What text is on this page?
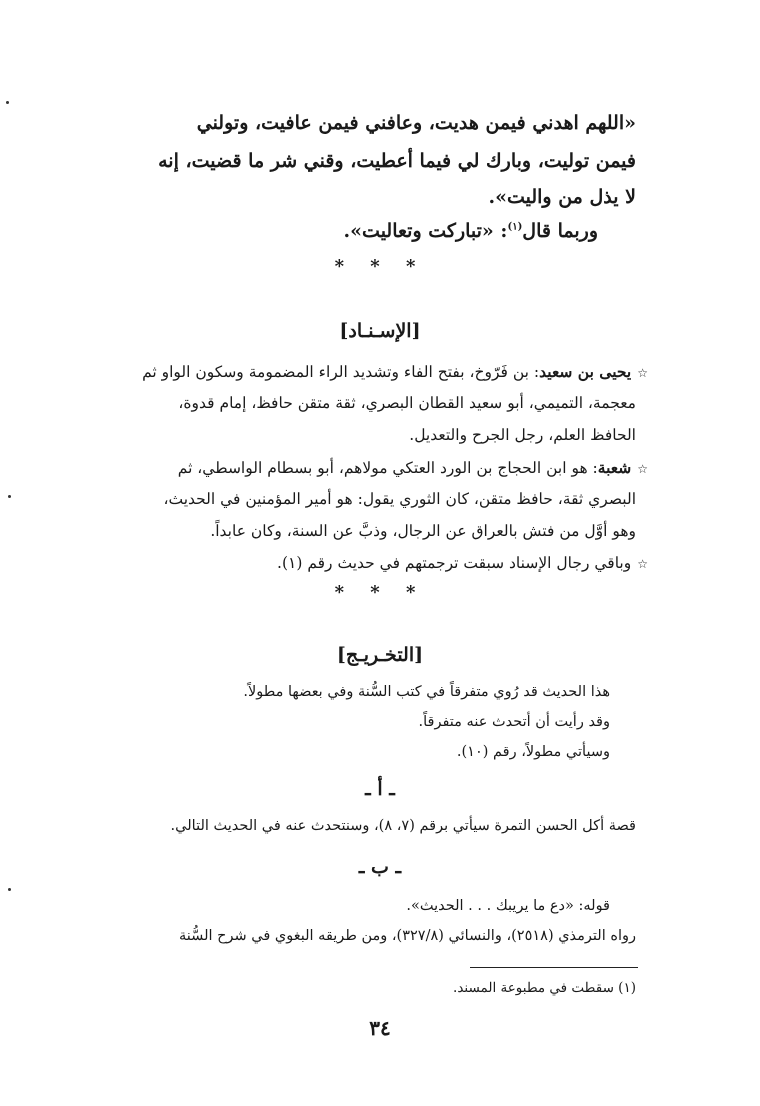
«اللهم اهدني فيمن هديت، وعافني فيمن عافيت، وتولني
فيمن توليت، وبارك لي فيما أعطيت، وقني شر ما قضيت، إنه
لا يذل من واليت».
وربما قال$^{(١)}$: «تباركت وتعاليت».
* * *
[الإسـنـاد]
☆يحيى بن سعيد: بن فَرّوخ، بفتح الفاء وتشديد الراء المضمومة وسكون الواو ثم
معجمة، التميمي، أبو سعيد القطان البصري، ثقة متقن حافظ، إمام قدوة،
الحافظ العلم، رجل الجرح والتعديل.
☆شعبة: هو ابن الحجاج بن الورد العتكي مولاهم، أبو بسطام الواسطي، ثم
البصري ثقة، حافظ متقن، كان الثوري يقول: هو أمير المؤمنين في الحديث،
وهو أوَّل من فتش بالعراق عن الرجال، وذبَّ عن السنة، وكان عابداً.
☆وباقي رجال الإسناد سبقت ترجمتهم في حديث رقم (١).
* * *
[التخـريـج]
هذا الحديث قد رُوي متفرقاً في كتب السُّنة وفي بعضها مطولاً.
وقد رأيت أن أتحدث عنه متفرقاً.
وسيأتي مطولاً، رقم (١٠).
ـ أ ـ
قصة أكل الحسن التمرة سيأتي برقم (٧، ٨)، وسنتحدث عنه في الحديث التالي.
ـ ب ـ
قوله: «دع ما يريبك . . . الحديث».
رواه الترمذي (٢٥١٨)، والنسائي (٣٢٧/٨)، ومن طريقه البغوي في شرح السُّنة
(١) سقطت في مطبوعة المسند.
٣٤
